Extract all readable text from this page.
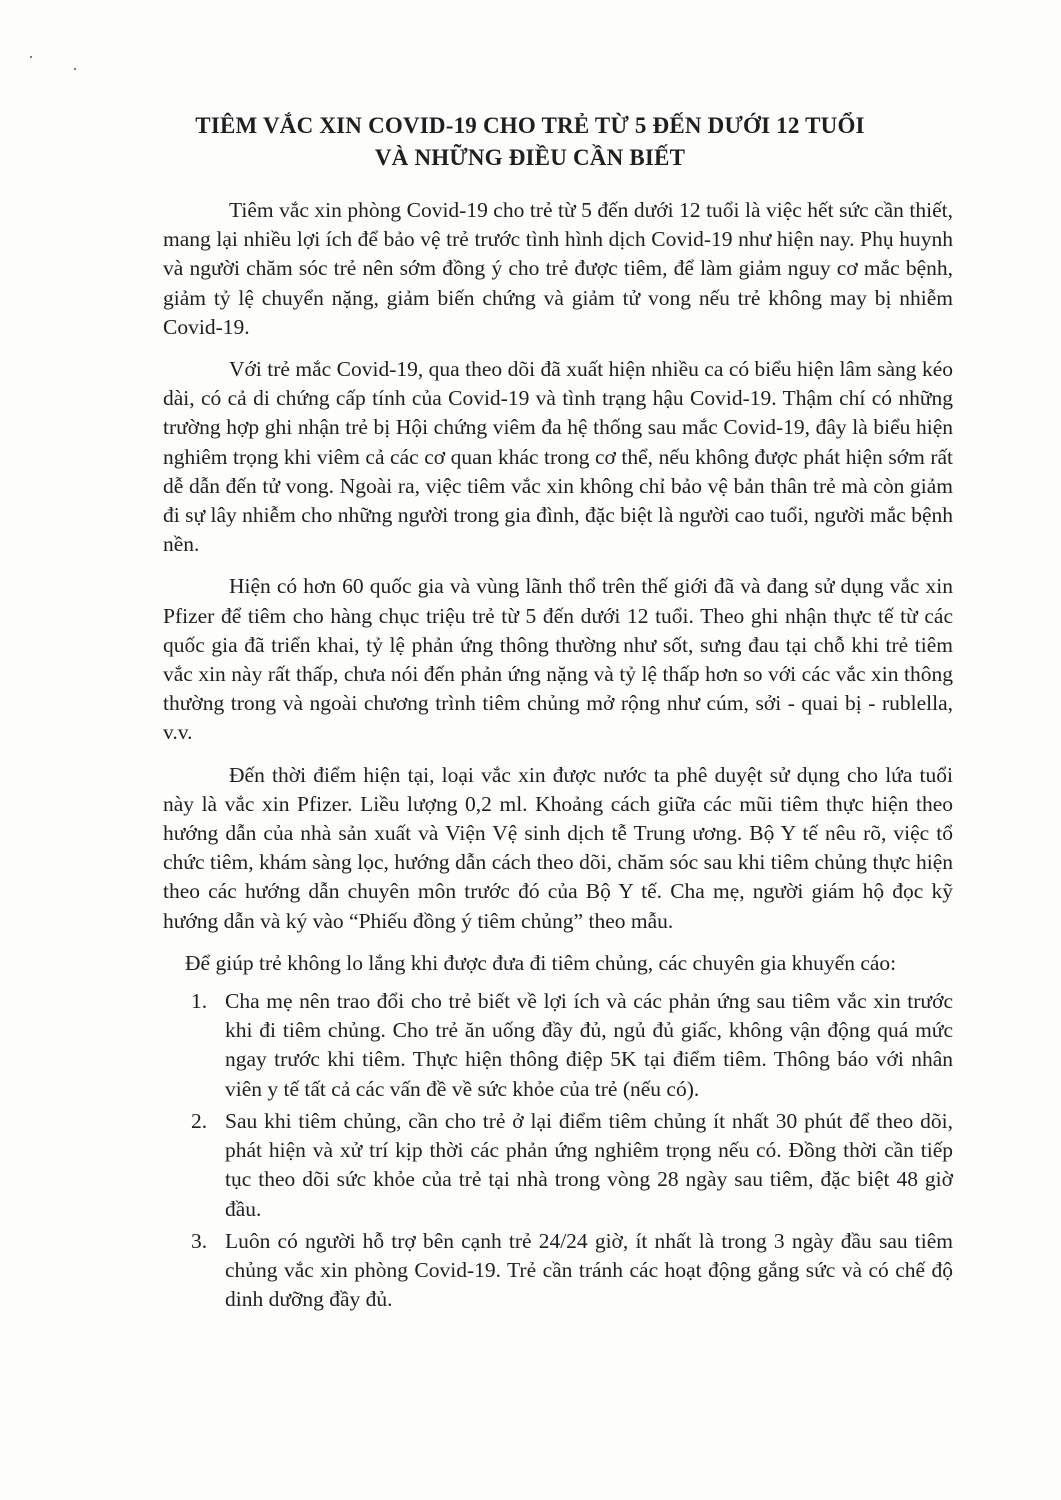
TIÊM VẮC XIN COVID-19 CHO TRẺ TỪ 5 ĐẾN DƯỚI 12 TUỔI
VÀ NHỮNG ĐIỀU CẦN BIẾT

Tiêm vắc xin phòng Covid-19 cho trẻ từ 5 đến dưới 12 tuổi là việc hết sức cần thiết, mang lại nhiều lợi ích để bảo vệ trẻ trước tình hình dịch Covid-19 như hiện nay. Phụ huynh và người chăm sóc trẻ nên sớm đồng ý cho trẻ được tiêm, để làm giảm nguy cơ mắc bệnh, giảm tỷ lệ chuyển nặng, giảm biến chứng và giảm tử vong nếu trẻ không may bị nhiễm Covid-19.

Với trẻ mắc Covid-19, qua theo dõi đã xuất hiện nhiều ca có biểu hiện lâm sàng kéo dài, có cả di chứng cấp tính của Covid-19 và tình trạng hậu Covid-19. Thậm chí có những trường hợp ghi nhận trẻ bị Hội chứng viêm đa hệ thống sau mắc Covid-19, đây là biểu hiện nghiêm trọng khi viêm cả các cơ quan khác trong cơ thể, nếu không được phát hiện sớm rất dễ dẫn đến tử vong. Ngoài ra, việc tiêm vắc xin không chỉ bảo vệ bản thân trẻ mà còn giảm đi sự lây nhiễm cho những người trong gia đình, đặc biệt là người cao tuổi, người mắc bệnh nền.

Hiện có hơn 60 quốc gia và vùng lãnh thổ trên thế giới đã và đang sử dụng vắc xin Pfizer để tiêm cho hàng chục triệu trẻ từ 5 đến dưới 12 tuổi. Theo ghi nhận thực tế từ các quốc gia đã triển khai, tỷ lệ phản ứng thông thường như sốt, sưng đau tại chỗ khi trẻ tiêm vắc xin này rất thấp, chưa nói đến phản ứng nặng và tỷ lệ thấp hơn so với các vắc xin thông thường trong và ngoài chương trình tiêm chủng mở rộng như cúm, sởi - quai bị - rublella, v.v.

Đến thời điểm hiện tại, loại vắc xin được nước ta phê duyệt sử dụng cho lứa tuổi này là vắc xin Pfizer. Liều lượng 0,2 ml. Khoảng cách giữa các mũi tiêm thực hiện theo hướng dẫn của nhà sản xuất và Viện Vệ sinh dịch tễ Trung ương. Bộ Y tế nêu rõ, việc tổ chức tiêm, khám sàng lọc, hướng dẫn cách theo dõi, chăm sóc sau khi tiêm chủng thực hiện theo các hướng dẫn chuyên môn trước đó của Bộ Y tế. Cha mẹ, người giám hộ đọc kỹ hướng dẫn và ký vào “Phiếu đồng ý tiêm chủng” theo mẫu.

Để giúp trẻ không lo lắng khi được đưa đi tiêm chủng, các chuyên gia khuyến cáo:

1. Cha mẹ nên trao đổi cho trẻ biết về lợi ích và các phản ứng sau tiêm vắc xin trước khi đi tiêm chủng. Cho trẻ ăn uống đầy đủ, ngủ đủ giấc, không vận động quá mức ngay trước khi tiêm. Thực hiện thông điệp 5K tại điểm tiêm. Thông báo với nhân viên y tế tất cả các vấn đề về sức khỏe của trẻ (nếu có).
2. Sau khi tiêm chủng, cần cho trẻ ở lại điểm tiêm chủng ít nhất 30 phút để theo dõi, phát hiện và xử trí kịp thời các phản ứng nghiêm trọng nếu có. Đồng thời cần tiếp tục theo dõi sức khỏe của trẻ tại nhà trong vòng 28 ngày sau tiêm, đặc biệt 48 giờ đầu.
3. Luôn có người hỗ trợ bên cạnh trẻ 24/24 giờ, ít nhất là trong 3 ngày đầu sau tiêm chủng vắc xin phòng Covid-19. Trẻ cần tránh các hoạt động gắng sức và có chế độ dinh dưỡng đầy đủ.
